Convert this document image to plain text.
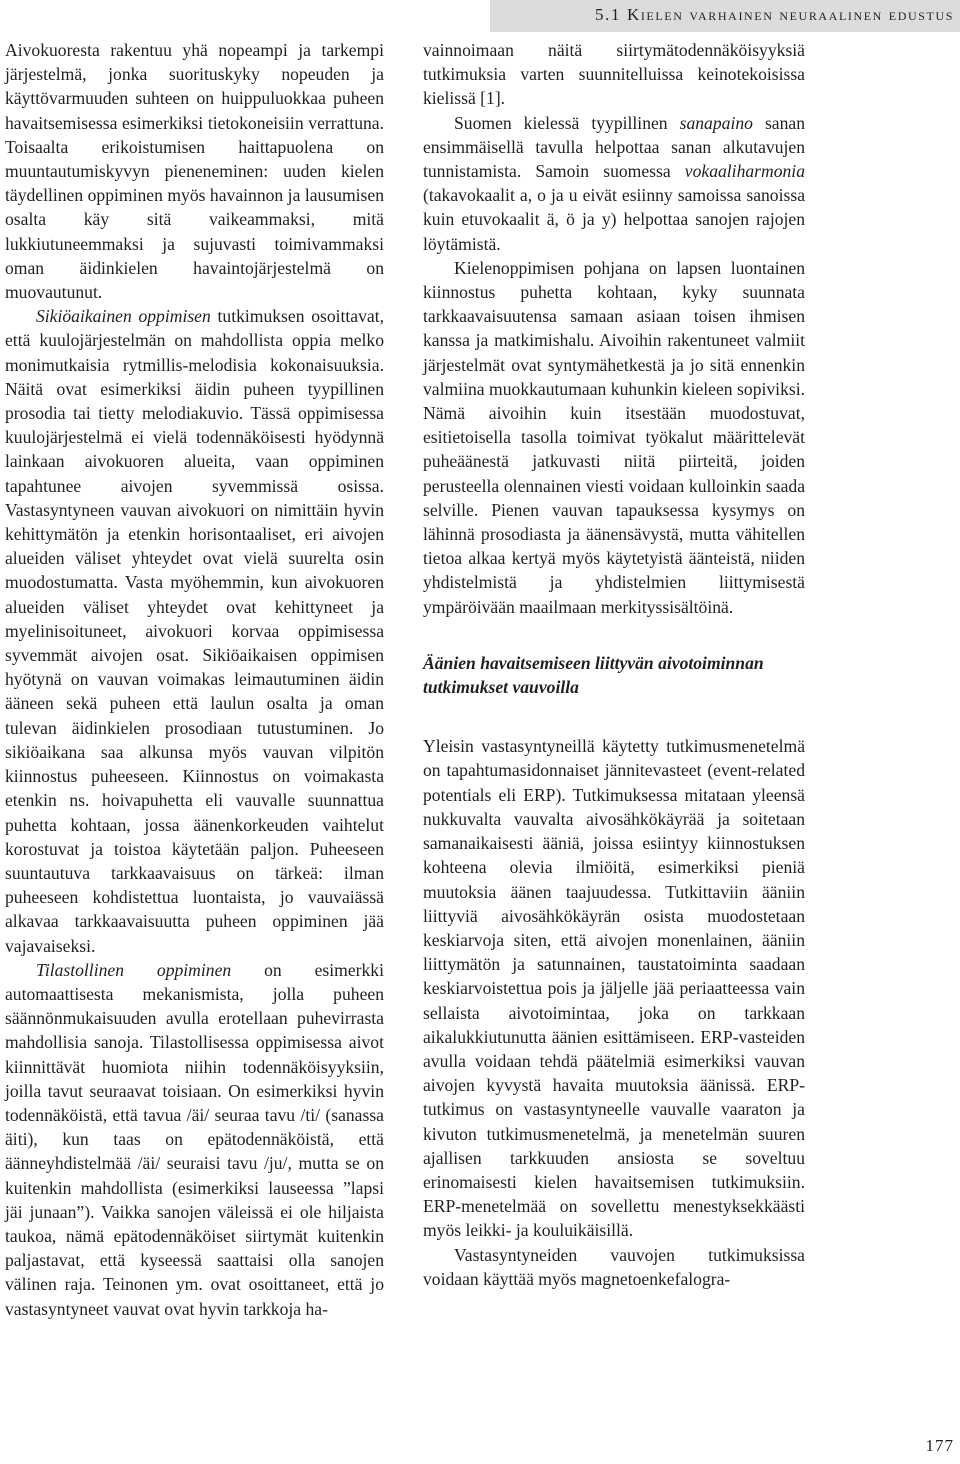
5.1 Kielen varhainen neuraalinen edustus

Aivokuoresta rakentuu yhä nopeampi ja tarkempi järjestelmä, jonka suorituskyky nopeuden ja käyttövarmuuden suhteen on huippuluokkaa puheen havaitsemisessa esimerkiksi tietokoneisiin verrattuna. Toisaalta erikoistumisen haittapuolena on muuntautumiskyvyn pieneneminen: uuden kielen täydellinen oppiminen myös havainnon ja lausumisen osalta käy sitä vaikeammaksi, mitä lukkiutuneemmaksi ja sujuvasti toimivammaksi oman äidinkielen havaintojärjestelmä on muovautunut.

Sikiöaikainen oppimisen tutkimuksen osoittavat, että kuulojärjestelmän on mahdollista oppia melko monimutkaisia rytmillis-melodisia kokonaisuuksia. Näitä ovat esimerkiksi äidin puheen tyypillinen prosodia tai tietty melodiakuvio. Tässä oppimisessa kuulojärjestelmä ei vielä todennäköisesti hyödynnä lainkaan aivokuoren alueita, vaan oppiminen tapahtunee aivojen syvemmissä osissa. Vastasyntyneen vauvan aivokuori on nimittäin hyvin kehittymätön ja etenkin horisontaaliset, eri aivojen alueiden väliset yhteydet ovat vielä suurelta osin muodostumatta. Vasta myöhemmin, kun aivokuoren alueiden väliset yhteydet ovat kehittyneet ja myelinisoituneet, aivokuori korvaa oppimisessa syvemmät aivojen osat. Sikiöaikaisen oppimisen hyötynä on vauvan voimakas leimautuminen äidin ääneen sekä puheen että laulun osalta ja oman tulevan äidinkielen prosodiaan tutustuminen. Jo sikiöaikana saa alkunsa myös vauvan vilpitön kiinnostus puheeseen. Kiinnostus on voimakasta etenkin ns. hoivapuhetta eli vauvalle suunnattua puhetta kohtaan, jossa äänenkorkeuden vaihtelut korostuvat ja toistoa käytetään paljon. Puheeseen suuntautuva tarkkaavaisuus on tärkeä: ilman puheeseen kohdistettua luontaista, jo vauvaiässä alkavaa tarkkaavaisuutta puheen oppiminen jää vajavaiseksi.

Tilastollinen oppiminen on esimerkki automaattisesta mekanismista, jolla puheen säännönmukaisuuden avulla erotellaan puhevirrasta mahdollisia sanoja. Tilastollisessa oppimisessa aivot kiinnittävät huomiota niihin todennäköisyyksiin, joilla tavut seuraavat toisiaan. On esimerkiksi hyvin todennäköistä, että tavua /äi/ seuraa tavu /ti/ (sanassa äiti), kun taas on epätodennäköistä, että äänneyhdistelmää /äi/ seuraisi tavu /ju/, mutta se on kuitenkin mahdollista (esimerkiksi lauseessa ”lapsi jäi junaan”). Vaikka sanojen väleissä ei ole hiljaista taukoa, nämä epätodennäköiset siirtymät kuitenkin paljastavat, että kyseessä saattaisi olla sanojen välinen raja. Teinonen ym. ovat osoittaneet, että jo vastasyntyneet vauvat ovat hyvin tarkkoja ha-

vainnoimaan näitä siirtymätodennäköisyyksiä tutkimuksia varten suunnitelluissa keinotekoisissa kielissä [1].

Suomen kielessä tyypillinen sanapaino sanan ensimmäisellä tavulla helpottaa sanan alkutavujen tunnistamista. Samoin suomessa vokaaliharmonia (takavokaalit a, o ja u eivät esiinny samoissa sanoissa kuin etuvokaalit ä, ö ja y) helpottaa sanojen rajojen löytämistä.

Kielenoppimisen pohjana on lapsen luontainen kiinnostus puhetta kohtaan, kyky suunnata tarkkaavaisuutensa samaan asiaan toisen ihmisen kanssa ja matkimishalu. Aivoihin rakentuneet valmiit järjestelmät ovat syntymähetkestä ja jo sitä ennenkin valmiina muokkautumaan kuhunkin kieleen sopiviksi. Nämä aivoihin kuin itsestään muodostuvat, esitietoisella tasolla toimivat työkalut määrittelevät puheäänestä jatkuvasti niitä piirteitä, joiden perusteella olennainen viesti voidaan kulloinkin saada selville. Pienen vauvan tapauksessa kysymys on lähinnä prosodiasta ja äänensävystä, mutta vähitellen tietoa alkaa kertyä myös käytetyistä äänteistä, niiden yhdistelmistä ja yhdistelmien liittymisestä ympäröivään maailmaan merkityssisältöinä.

Äänien havaitsemiseen liittyvän aivotoiminnan tutkimukset vauvoilla

Yleisin vastasyntyneillä käytetty tutkimusmenetelmä on tapahtumasidonnaiset jännitevasteet (event-related potentials eli ERP). Tutkimuksessa mitataan yleensä nukkuvalta vauvalta aivosähkökäyrää ja soitetaan samanaikaisesti ääniä, joissa esiintyy kiinnostuksen kohteena olevia ilmiöitä, esimerkiksi pieniä muutoksia äänen taajuudessa. Tutkittaviin ääniin liittyviä aivosähkökäyrän osista muodostetaan keskiarvoja siten, että aivojen monenlainen, ääniin liittymätön ja satunnainen, taustatoiminta saadaan keskiarvoistettua pois ja jäljelle jää periaatteessa vain sellaista aivotoimintaa, joka on tarkkaan aikalukkiutunutta äänien esittämiseen. ERP-vasteiden avulla voidaan tehdä päätelmiä esimerkiksi vauvan aivojen kyvystä havaita muutoksia äänissä. ERP-tutkimus on vastasyntyneelle vauvalle vaaraton ja kivuton tutkimusmenetelmä, ja menetelmän suuren ajallisen tarkkuuden ansiosta se soveltuu erinomaisesti kielen havaitsemisen tutkimuksiin. ERP-menetelmää on sovellettu menestyksekkäästi myös leikki- ja kouluikäisillä.

Vastasyntyneiden vauvojen tutkimuksissa voidaan käyttää myös magnetoenkefalogra-

177
